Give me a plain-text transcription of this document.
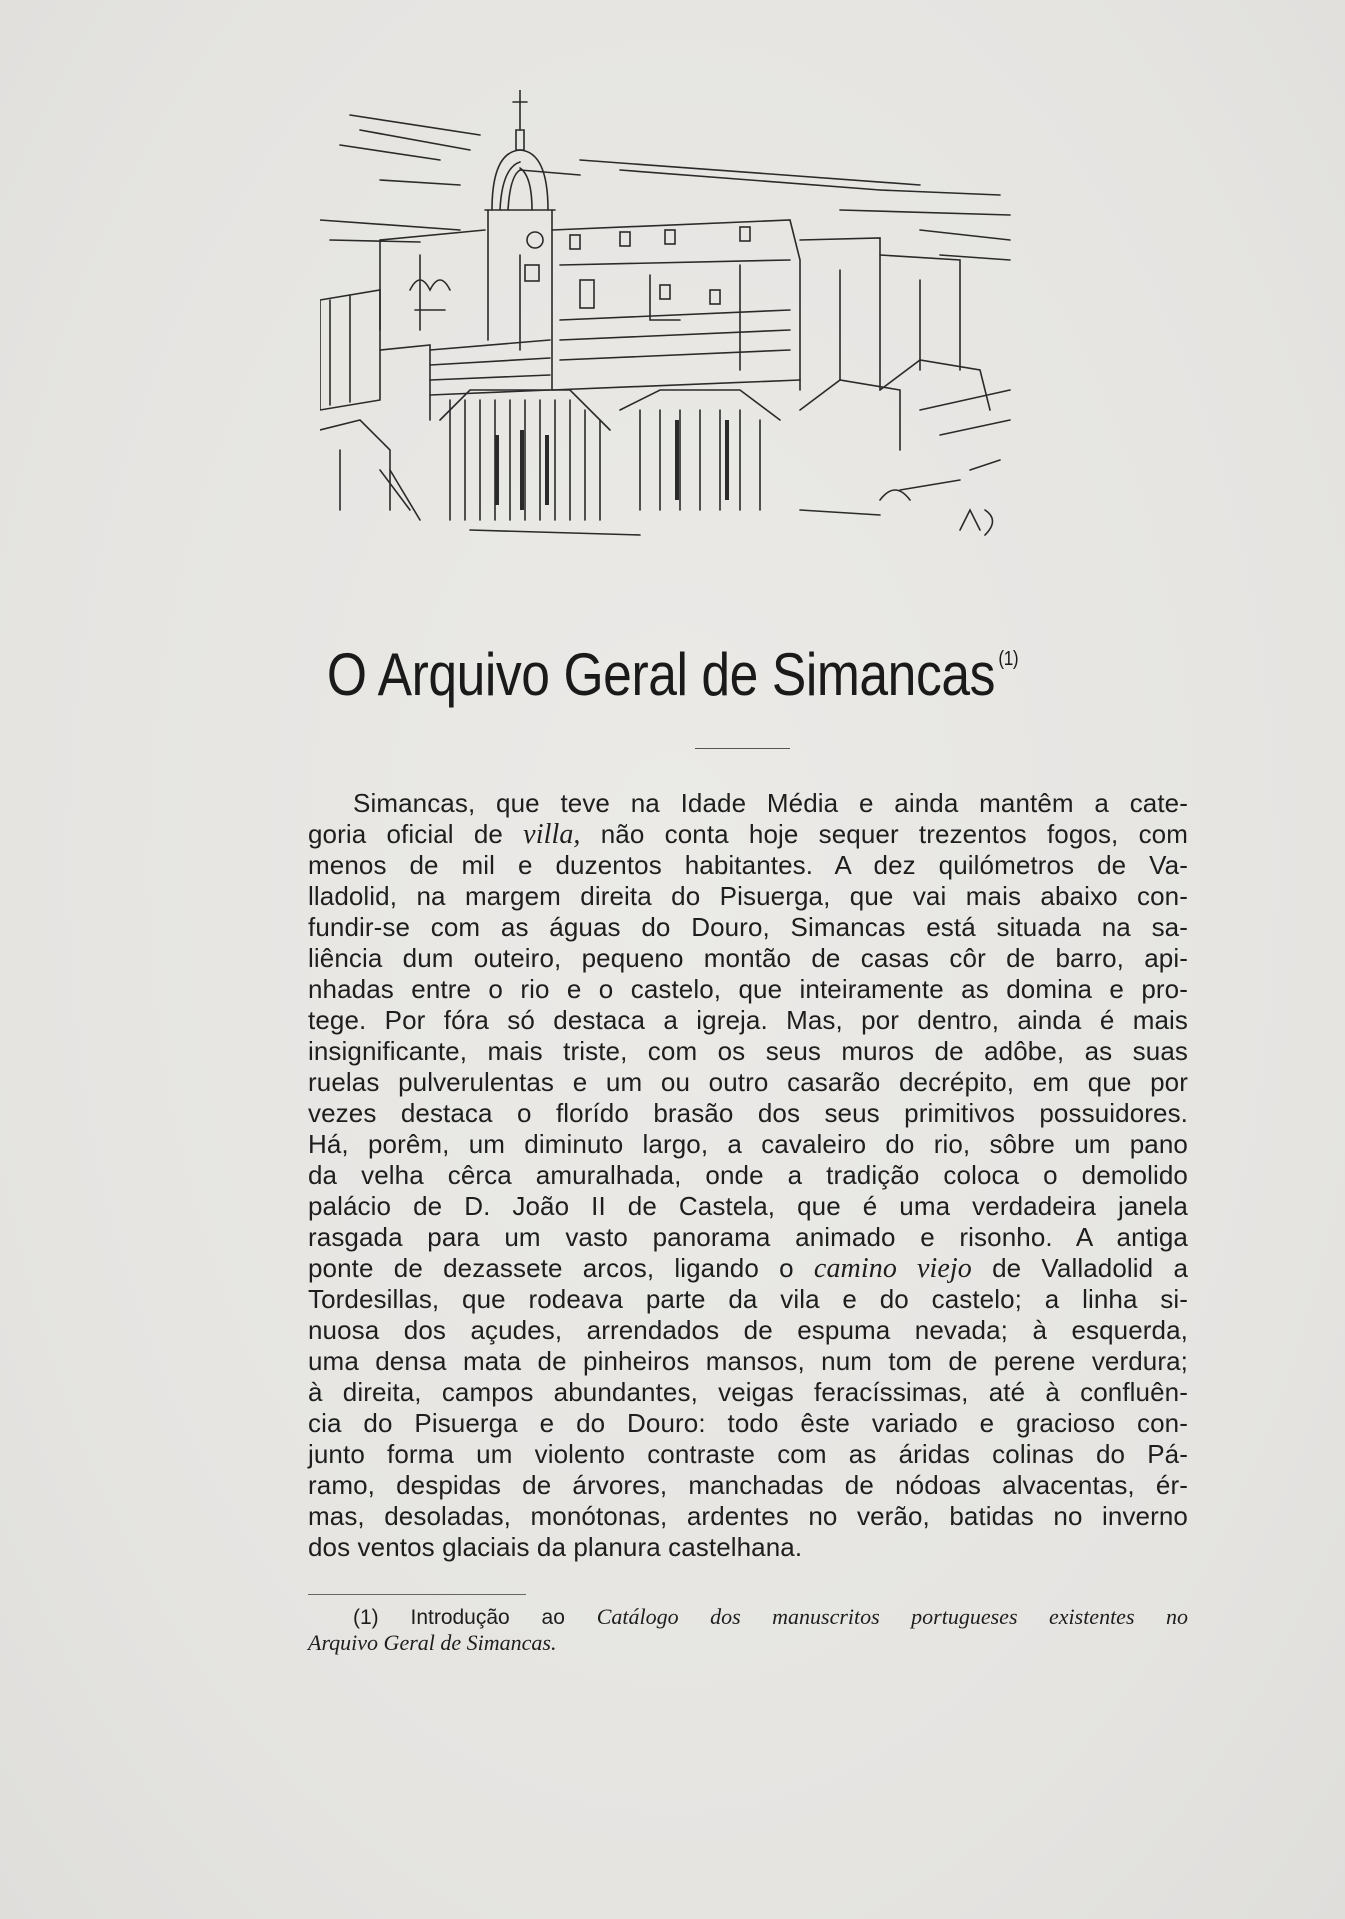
O Arquivo Geral de Simancas $^{(1)}$
Simancas, que teve na Idade Média e ainda mantêm a cate-
goria oficial de villa, não conta hoje sequer trezentos fogos, com
menos de mil e duzentos habitantes. A dez quilómetros de Va-
lladolid, na margem direita do Pisuerga, que vai mais abaixo con-
fundir-se com as águas do Douro, Simancas está situada na sa-
liência dum outeiro, pequeno montão de casas côr de barro, api-
nhadas entre o rio e o castelo, que inteiramente as domina e pro-
tege. Por fóra só destaca a igreja. Mas, por dentro, ainda é mais
insignificante, mais triste, com os seus muros de adôbe, as suas
ruelas pulverulentas e um ou outro casarão decrépito, em que por
vezes destaca o florído brasão dos seus primitivos possuidores.
Há, porêm, um diminuto largo, a cavaleiro do rio, sôbre um pano
da velha cêrca amuralhada, onde a tradição coloca o demolido
palácio de D. João II de Castela, que é uma verdadeira janela
rasgada para um vasto panorama animado e risonho. A antiga
ponte de dezassete arcos, ligando o camino viejo de Valladolid a
Tordesillas, que rodeava parte da vila e do castelo; a linha si-
nuosa dos açudes, arrendados de espuma nevada; à esquerda,
uma densa mata de pinheiros mansos, num tom de perene verdura;
à direita, campos abundantes, veigas feracíssimas, até à confluên-
cia do Pisuerga e do Douro: todo êste variado e gracioso con-
junto forma um violento contraste com as áridas colinas do Pá-
ramo, despidas de árvores, manchadas de nódoas alvacentas, ér-
mas, desoladas, monótonas, ardentes no verão, batidas no inverno
dos ventos glaciais da planura castelhana.
(1) Introdução ao Catálogo dos manuscritos portugueses existentes no
Arquivo Geral de Simancas.
